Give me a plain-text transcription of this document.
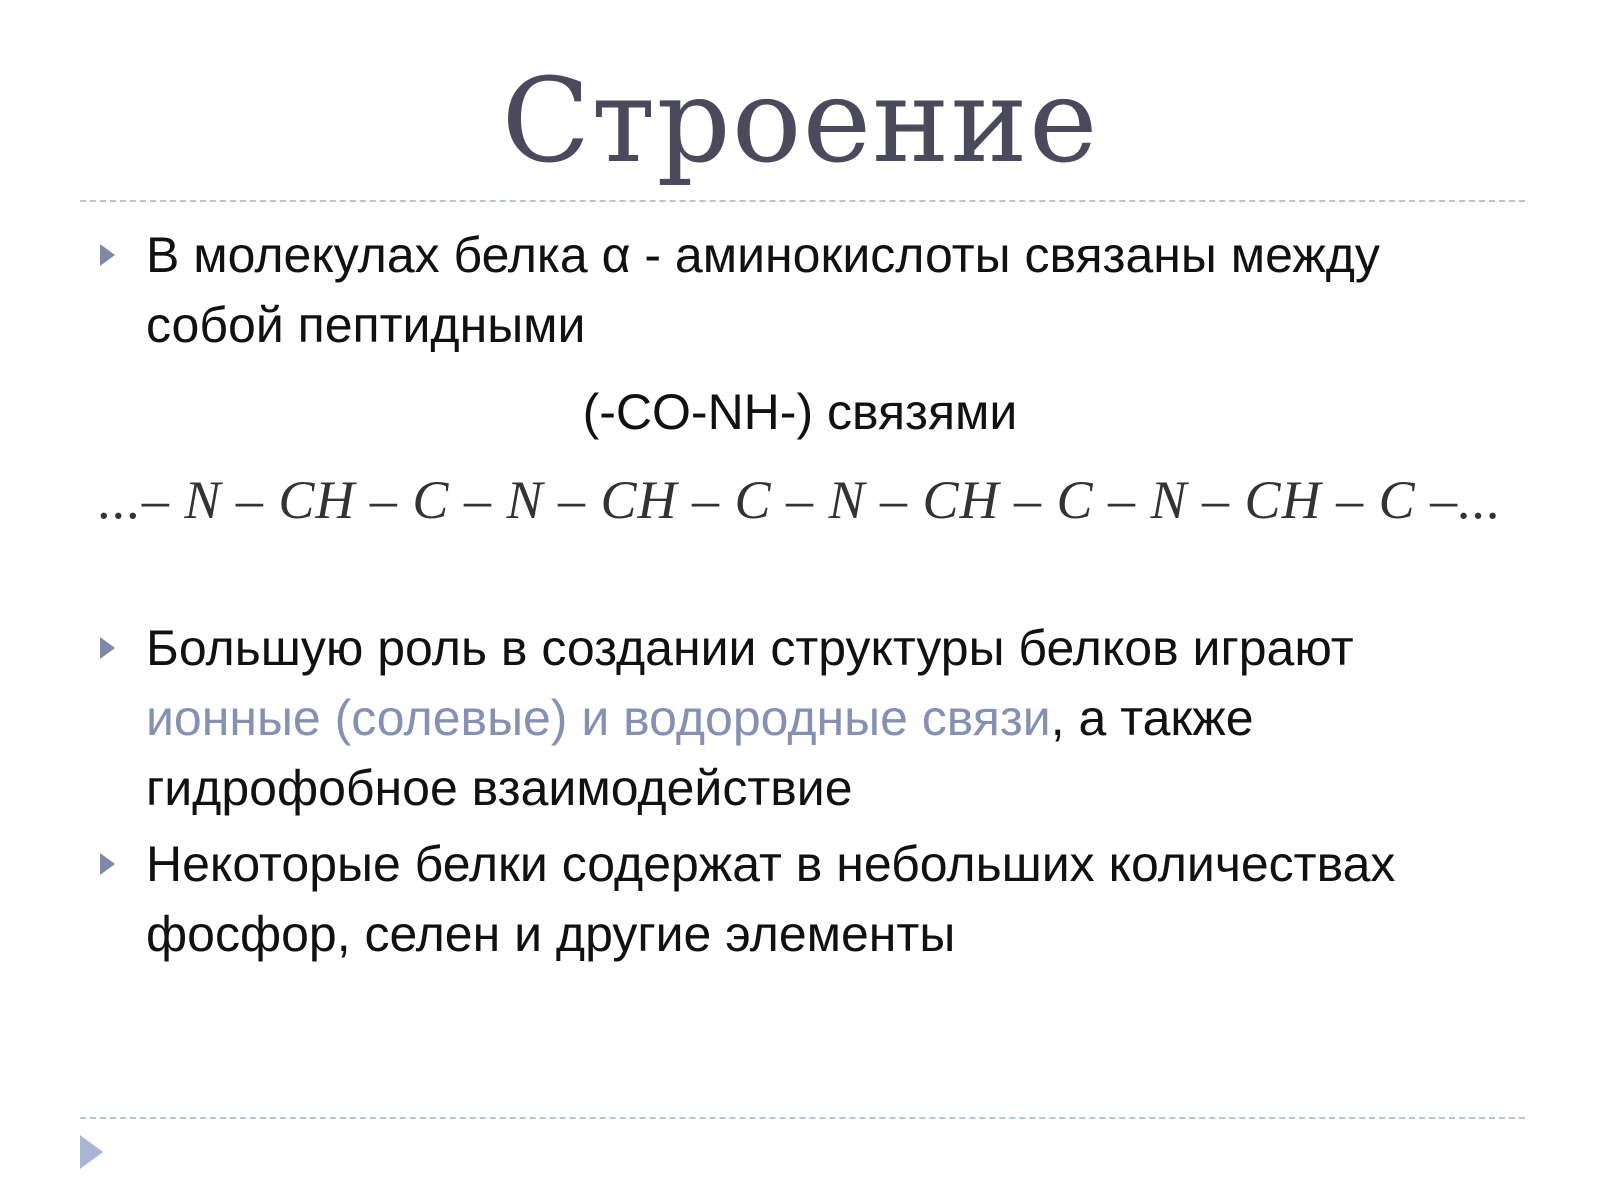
Строение
В молекулах белка α - аминокислоты связаны между
собой пептидными
(-CO-NH-) связями
...– N – CH – C – N – CH – C – N – CH – C – N – CH – C –...
Большую роль в создании структуры белков играют
ионные (солевые) и водородные связи, а также
гидрофобное взаимодействие
Некоторые белки содержат в небольших количествах
фосфор, селен и другие элементы
